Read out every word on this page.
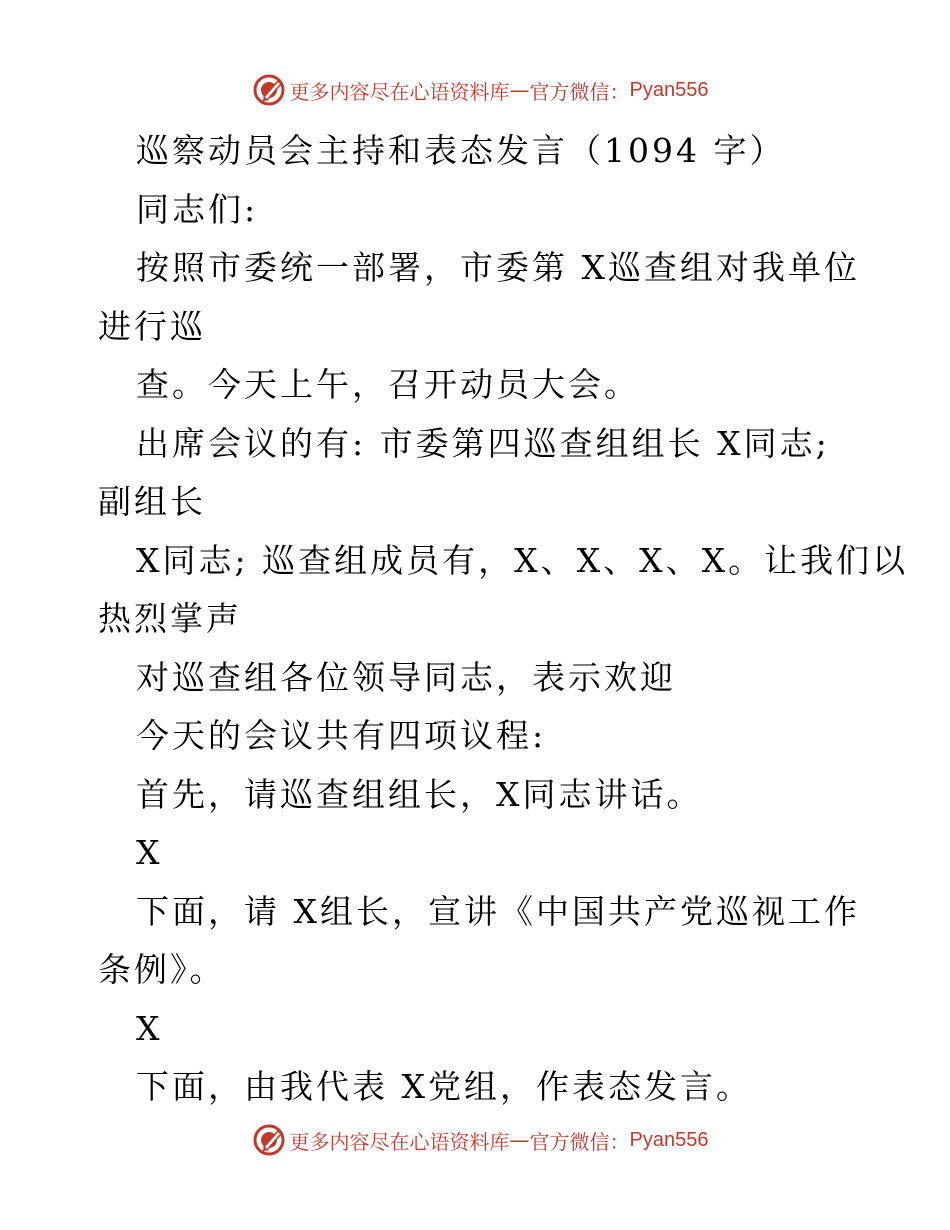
更多内容尽在心语资料库 — 官方微信： Pyan556
巡察动员会主持和表态发言（1094 字）
同志们:
按照市委统一部署，市委第 X巡查组对我单位
进行巡
查。今天上午，召开动员大会。
出席会议的有: 市委第四巡查组组长 X同志;
副组长
X同志; 巡查组成员有，X、X、X、X。让我们以
热烈掌声
对巡查组各位领导同志，表示欢迎
今天的会议共有四项议程:
首先，请巡查组组长，X同志讲话。
X
下面，请 X组长，宣讲《中国共产党巡视工作
条例》。
X
下面，由我代表 X党组，作表态发言。
更多内容尽在心语资料库 — 官方微信： Pyan556
